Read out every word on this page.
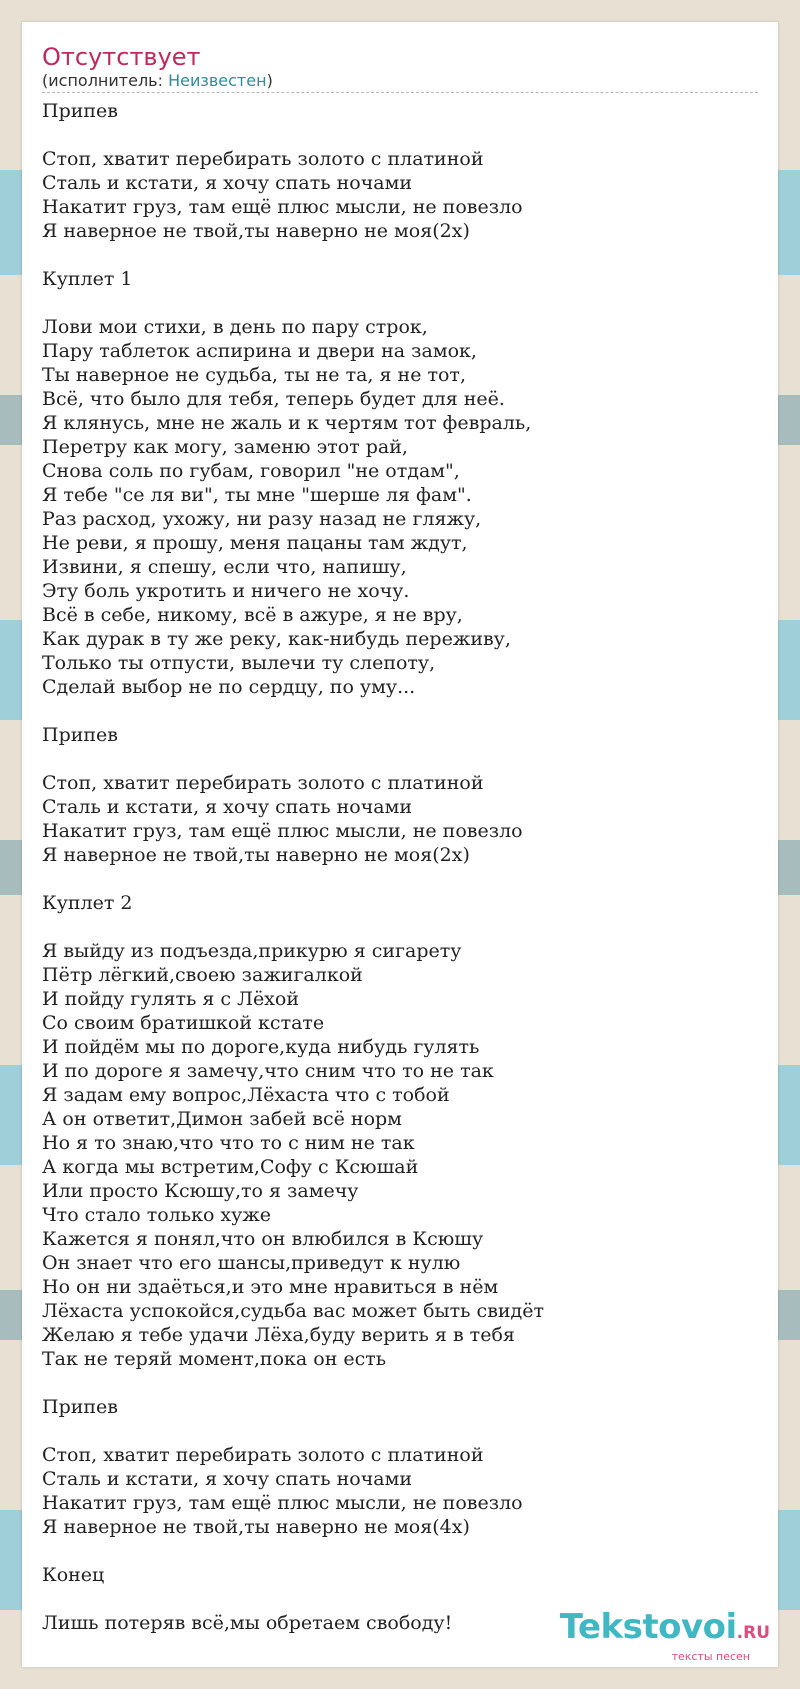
Отсутствует
(исполнитель: Неизвестен)
Припев
Стоп, хватит перебирать золото с платиной
Сталь и кстати, я хочу спать ночами
Накатит груз, там ещё плюс мысли, не повезло
Я наверное не твой,ты наверно не моя(2х)
Куплет 1
Лови мои стихи, в день по пару строк,
Пару таблеток аспирина и двери на замок,
Ты наверное не судьба, ты не та, я не тот,
Всё, что было для тебя, теперь будет для неё.
Я клянусь, мне не жаль и к чертям тот февраль,
Перетру как могу, заменю этот рай,
Снова соль по губам, говорил "не отдам",
Я тебе "се ля ви", ты мне "шерше ля фам".
Раз расход, ухожу, ни разу назад не гляжу,
Не реви, я прошу, меня пацаны там ждут,
Извини, я спешу, если что, напишу,
Эту боль укротить и ничего не хочу.
Всё в себе, никому, всё в ажуре, я не вру,
Как дурак в ту же реку, как-нибудь переживу,
Только ты отпусти, вылечи ту слепоту,
Сделай выбор не по сердцу, по уму...
Припев
Стоп, хватит перебирать золото с платиной
Сталь и кстати, я хочу спать ночами
Накатит груз, там ещё плюс мысли, не повезло
Я наверное не твой,ты наверно не моя(2х)
Куплет 2
Я выйду из подъезда,прикурю я сигарету
Пётр лёгкий,своею зажигалкой
И пойду гулять я с Лёхой
Со своим братишкой кстате
И пойдём мы по дороге,куда нибудь гулять
И по дороге я замечу,что сним что то не так
Я задам ему вопрос,Лёхаста что с тобой
А он ответит,Димон забей всё норм
Но я то знаю,что что то с ним не так
А когда мы встретим,Софу с Ксюшай
Или просто Ксюшу,то я замечу
Что стало только хуже
Кажется я понял,что он влюбился в Ксюшу
Он знает что его шансы,приведут к нулю
Но он ни здаёться,и это мне нравиться в нём
Лёхаста успокойся,судьба вас может быть свидёт
Желаю я тебе удачи Лёха,буду верить я в тебя
Так не теряй момент,пока он есть
Припев
Стоп, хватит перебирать золото с платиной
Сталь и кстати, я хочу спать ночами
Накатит груз, там ещё плюс мысли, не повезло
Я наверное не твой,ты наверно не моя(4х)
Конец
Лишь потеряв всё,мы обретаем свободу!	Tekstovoi.RU
тексты песен
